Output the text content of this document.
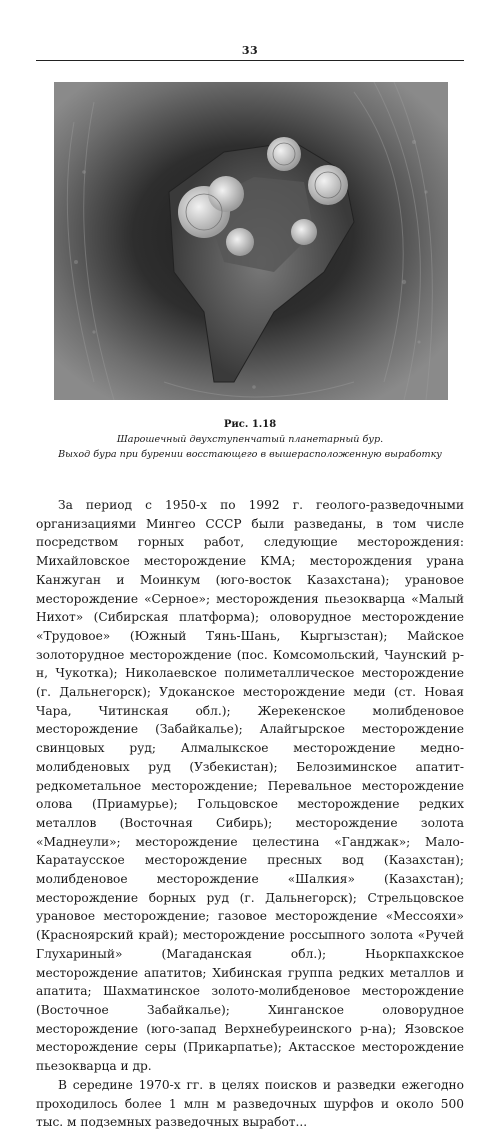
33
Рис. 1.18
Шарошечный двухступенчатый планетарный бур.
Выход бура при бурении восстающего в вышерасположенную выработку

За период с 1950-х по 1992 г. геолого-разведочными организациями Мингео СССР были разведаны, в том числе посредством горных работ, следующие месторождения: Михайловское месторождение КМА; месторождения урана Канжуган и Моинкум (юго-восток Казахстана); урановое месторождение «Серное»; месторождения пьезокварца «Малый Нихот» (Сибирская платформа); оловорудное месторождение «Трудовое» (Южный Тянь-Шань, Кыргызстан); Майское золоторудное месторождение (пос. Комсомольский, Чаунский р-н, Чукотка); Николаевское полиметаллическое месторождение (г. Дальнегорск); Удоканское месторождение меди (ст. Новая Чара, Читинская обл.); Жерекенское молибденовое месторождение (Забайкалье); Алайгырское месторождение свинцовых руд; Алмалыкское месторождение медно-молибденовых руд (Узбекистан); Белозиминское апатит-редкометальное месторождение; Перевальное месторождение олова (Приамурье); Гольцовское месторождение редких металлов (Восточная Сибирь); месторождение золота «Маднеули»; месторождение целестина «Ганджак»; Мало-Каратаусское месторождение пресных вод (Казахстан); молибденовое месторождение «Шалкия» (Казахстан); месторождение борных руд (г. Дальнегорск); Стрельцовское урановое месторождение; газовое месторождение «Мессояхи» (Красноярский край); месторождение россыпного золота «Ручей Глухариный» (Магаданская обл.); Ньоркпахкское месторождение апатитов; Хибинская группа редких металлов и апатита; Шахматинское золото-молибденовое месторождение (Восточное Забайкалье); Хинганское оловорудное месторождение (юго-запад Верхнебуреинского р-на); Язовское месторождение серы (Прикарпатье); Актасское месторождение пьезокварца и др.

В середине 1970-х гг. в целях поисков и разведки ежегодно проходилось более 1 млн м разведочных шурфов и около 500 тыс. м подземных разведочных выработ...
